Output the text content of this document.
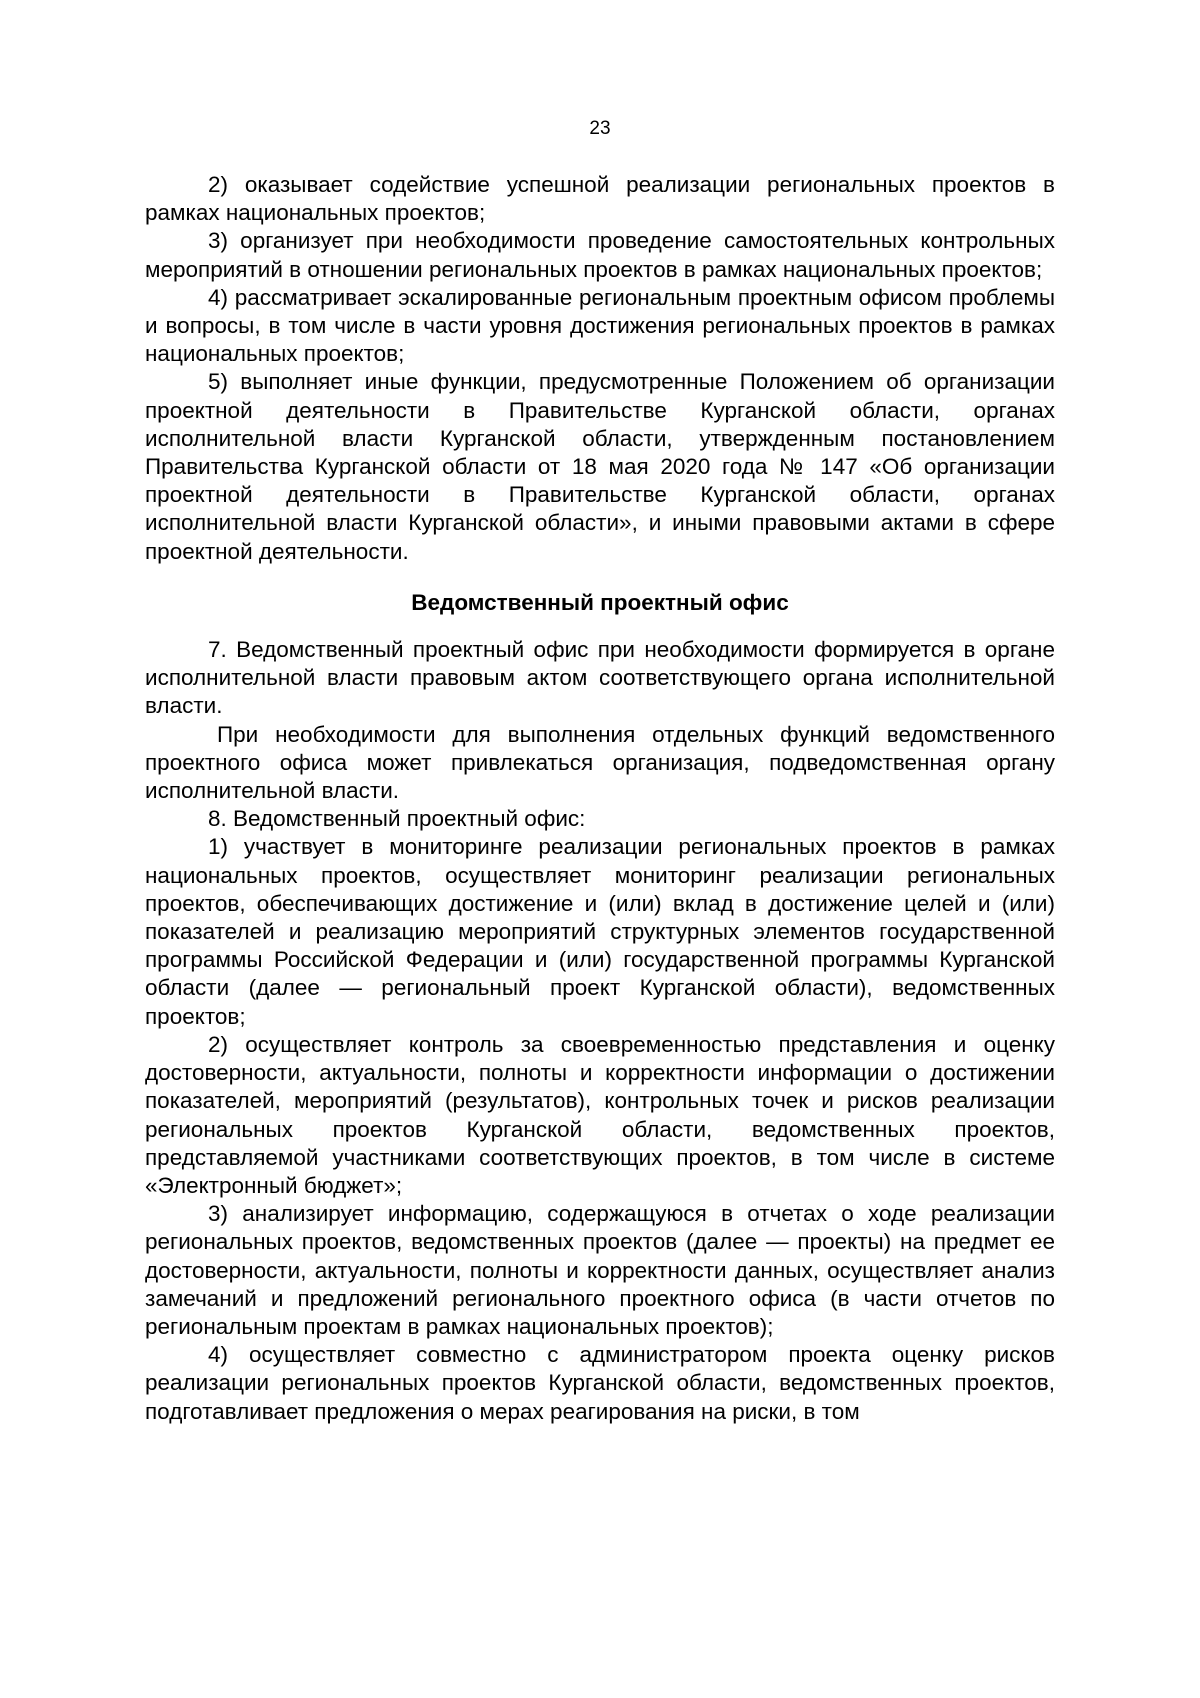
23

2) оказывает содействие успешной реализации региональных проектов в рамках национальных проектов;

3) организует при необходимости проведение самостоятельных контрольных мероприятий в отношении региональных проектов в рамках национальных проектов;

4) рассматривает эскалированные региональным проектным офисом проблемы и вопросы, в том числе в части уровня достижения региональных проектов в рамках национальных проектов;

5) выполняет иные функции, предусмотренные Положением об организации проектной деятельности в Правительстве Курганской области, органах исполнительной власти Курганской области, утвержденным постановлением Правительства Курганской области от 18 мая 2020 года № 147 «Об организации проектной деятельности в Правительстве Курганской области, органах исполнительной власти Курганской области», и иными правовыми актами в сфере проектной деятельности.

Ведомственный проектный офис

7. Ведомственный проектный офис при необходимости формируется в органе исполнительной власти правовым актом соответствующего органа исполнительной власти.

При необходимости для выполнения отдельных функций ведомственного проектного офиса может привлекаться организация, подведомственная органу исполнительной власти.

8. Ведомственный проектный офис:

1) участвует в мониторинге реализации региональных проектов в рамках национальных проектов, осуществляет мониторинг реализации региональных проектов, обеспечивающих достижение и (или) вклад в достижение целей и (или) показателей и реализацию мероприятий структурных элементов государственной программы Российской Федерации и (или) государственной программы Курганской области (далее — региональный проект Курганской области), ведомственных проектов;

2) осуществляет контроль за своевременностью представления и оценку достоверности, актуальности, полноты и корректности информации о достижении показателей, мероприятий (результатов), контрольных точек и рисков реализации региональных проектов Курганской области, ведомственных проектов, представляемой участниками соответствующих проектов, в том числе в системе «Электронный бюджет»;

3) анализирует информацию, содержащуюся в отчетах о ходе реализации региональных проектов, ведомственных проектов (далее — проекты) на предмет ее достоверности, актуальности, полноты и корректности данных, осуществляет анализ замечаний и предложений регионального проектного офиса (в части отчетов по региональным проектам в рамках национальных проектов);

4) осуществляет совместно с администратором проекта оценку рисков реализации региональных проектов Курганской области, ведомственных проектов, подготавливает предложения о мерах реагирования на риски, в том
